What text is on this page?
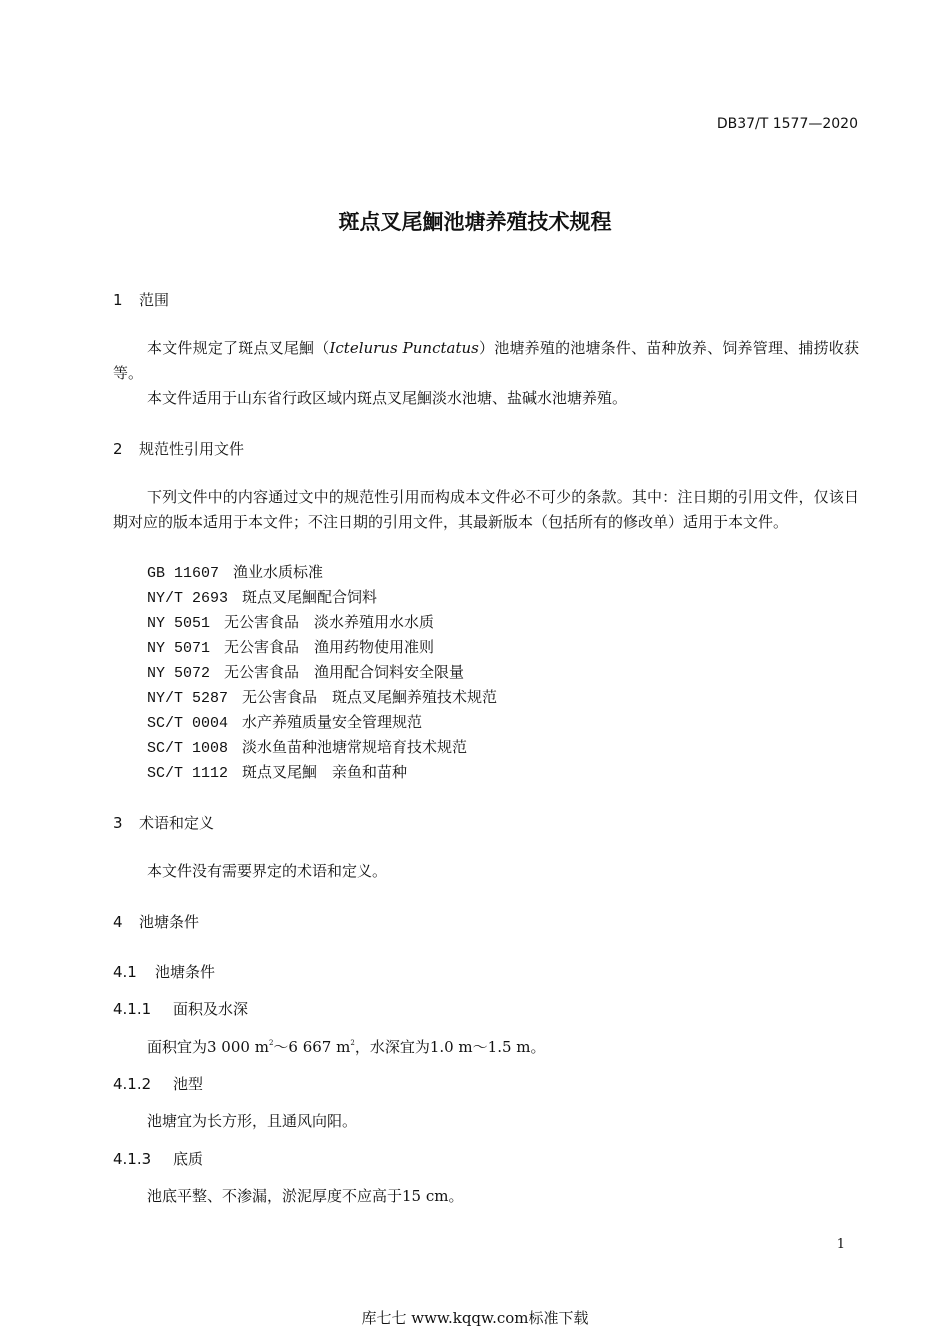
DB37/T 1577—2020
斑点叉尾鮰池塘养殖技术规程
1 范围
本文件规定了斑点叉尾鮰（Ictelurus Punctatus）池塘养殖的池塘条件、苗种放养、饲养管理、捕捞收获等。
本文件适用于山东省行政区域内斑点叉尾鮰淡水池塘、盐碱水池塘养殖。
2 规范性引用文件
下列文件中的内容通过文中的规范性引用而构成本文件必不可少的条款。其中：注日期的引用文件，仅该日期对应的版本适用于本文件；不注日期的引用文件，其最新版本（包括所有的修改单）适用于本文件。
GB 11607 渔业水质标准
NY/T 2693 斑点叉尾鮰配合饲料
NY 5051 无公害食品　淡水养殖用水水质
NY 5071 无公害食品　渔用药物使用准则
NY 5072 无公害食品　渔用配合饲料安全限量
NY/T 5287 无公害食品　斑点叉尾鮰养殖技术规范
SC/T 0004 水产养殖质量安全管理规范
SC/T 1008 淡水鱼苗种池塘常规培育技术规范
SC/T 1112 斑点叉尾鮰　亲鱼和苗种
3 术语和定义
本文件没有需要界定的术语和定义。
4 池塘条件
4.1 池塘条件
4.1.1 面积及水深
面积宜为3 000 $m^2\sim 6$ 667 $m^2$，水深宜为1.0 m～1.5 m。
4.1.2 池型
池塘宜为长方形，且通风向阳。
4.1.3 底质
池底平整、不渗漏，淤泥厚度不应高于15 cm。
1
库七七 www.kqqw.com标准下载
